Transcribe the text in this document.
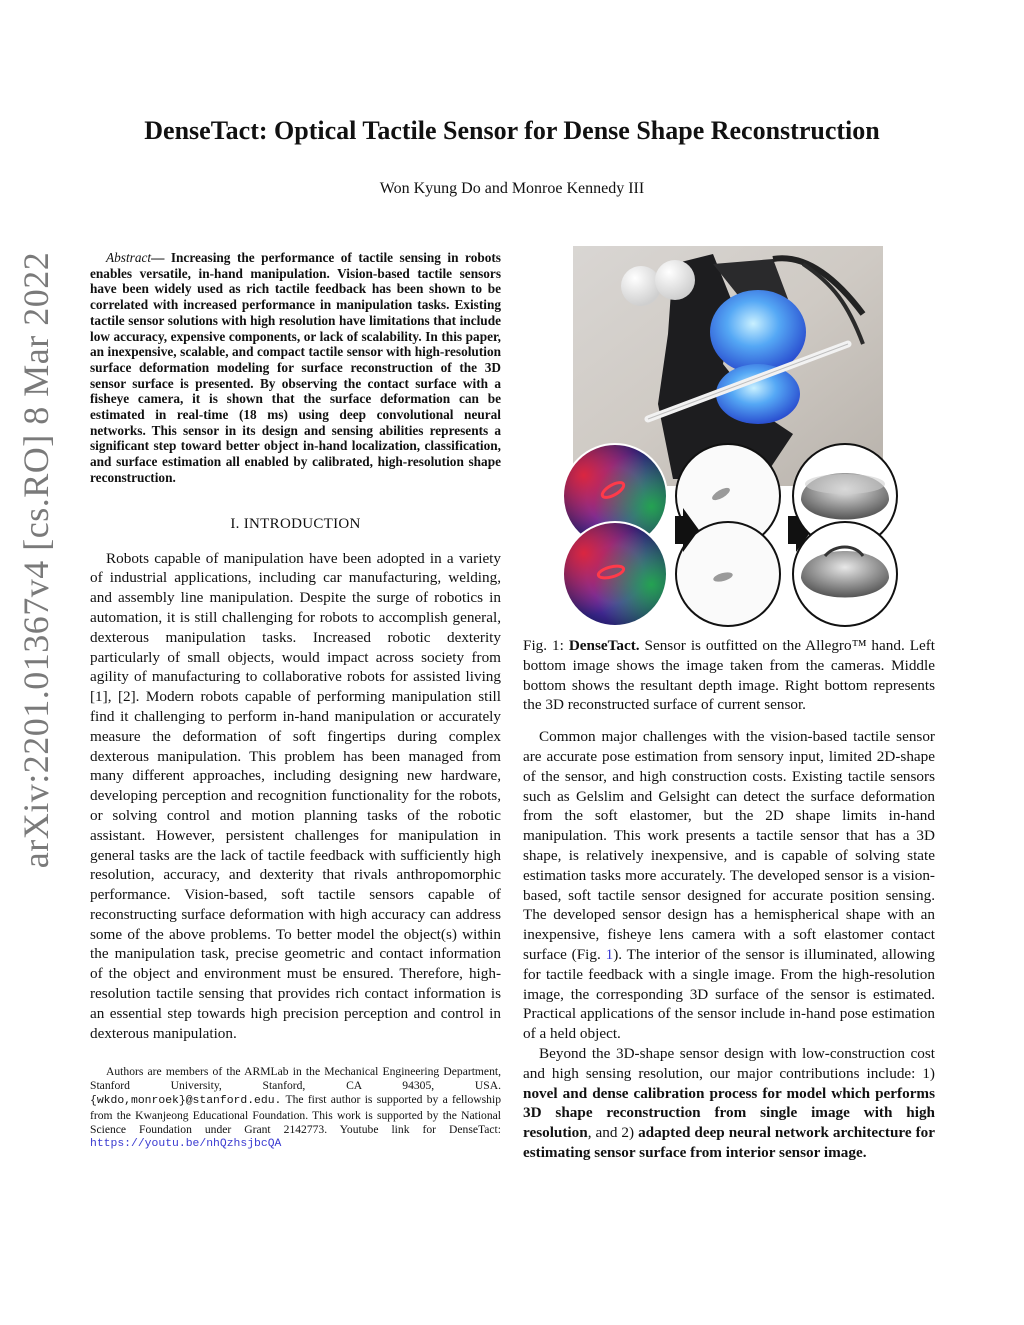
arXiv:2201.01367v4 [cs.RO] 8 Mar 2022
DenseTact: Optical Tactile Sensor for Dense Shape Reconstruction

Won Kyung Do and Monroe Kennedy III

Abstract— Increasing the performance of tactile sensing in robots enables versatile, in-hand manipulation. Vision-based tactile sensors have been widely used as rich tactile feedback has been shown to be correlated with increased performance in manipulation tasks. Existing tactile sensor solutions with high resolution have limitations that include low accuracy, expensive components, or lack of scalability. In this paper, an inexpensive, scalable, and compact tactile sensor with high-resolution surface deformation modeling for surface reconstruction of the 3D sensor surface is presented. By observing the contact surface with a fisheye camera, it is shown that the surface deformation can be estimated in real-time (18 ms) using deep convolutional neural networks. This sensor in its design and sensing abilities represents a significant step toward better object in-hand localization, classification, and surface estimation all enabled by calibrated, high-resolution shape reconstruction.

I. INTRODUCTION

Robots capable of manipulation have been adopted in a variety of industrial applications, including car manufacturing, welding, and assembly line manipulation. Despite the surge of robotics in automation, it is still challenging for robots to accomplish general, dexterous manipulation tasks. Increased robotic dexterity particularly of small objects, would impact across society from agility of manufacturing to collaborative robots for assisted living [1], [2]. Modern robots capable of performing manipulation still find it challenging to perform in-hand manipulation or accurately measure the deformation of soft fingertips during complex dexterous manipulation. This problem has been managed from many different approaches, including designing new hardware, developing perception and recognition functionality for the robots, or solving control and motion planning tasks of the robotic assistant. However, persistent challenges for manipulation in general tasks are the lack of tactile feedback with sufficiently high resolution, accuracy, and dexterity that rivals anthropomorphic performance. Vision-based, soft tactile sensors capable of reconstructing surface deformation with high accuracy can address some of the above problems. To better model the object(s) within the manipulation task, precise geometric and contact information of the object and environment must be ensured. Therefore, high-resolution tactile sensing that provides rich contact information is an essential step towards high precision perception and control in dexterous manipulation.

Authors are members of the ARMLab in the Mechanical Engineering Department, Stanford University, Stanford, CA 94305, USA. {wkdo,monroek}@stanford.edu. The first author is supported by a fellowship from the Kwanjeong Educational Foundation. This work is supported by the National Science Foundation under Grant 2142773. Youtube link for DenseTact: https://youtu.be/nhQzhsjbcQA

Fig. 1: DenseTact. Sensor is outfitted on the Allegro™ hand. Left bottom image shows the image taken from the cameras. Middle bottom shows the resultant depth image. Right bottom represents the 3D reconstructed surface of current sensor.

Common major challenges with the vision-based tactile sensor are accurate pose estimation from sensory input, limited 2D-shape of the sensor, and high construction costs. Existing tactile sensors such as Gelslim and Gelsight can detect the surface deformation from the soft elastomer, but the 2D shape limits in-hand manipulation. This work presents a tactile sensor that has a 3D shape, is relatively inexpensive, and is capable of solving state estimation tasks more accurately. The developed sensor is a vision-based, soft tactile sensor designed for accurate position sensing. The developed sensor design has a hemispherical shape with an inexpensive, fisheye lens camera with a soft elastomer contact surface (Fig. 1). The interior of the sensor is illuminated, allowing for tactile feedback with a single image. From the high-resolution image, the corresponding 3D surface of the sensor is estimated. Practical applications of the sensor include in-hand pose estimation of a held object.

Beyond the 3D-shape sensor design with low-construction cost and high sensing resolution, our major contributions include: 1) novel and dense calibration process for model which performs 3D shape reconstruction from single image with high resolution, and 2) adapted deep neural network architecture for estimating sensor surface from interior sensor image.
